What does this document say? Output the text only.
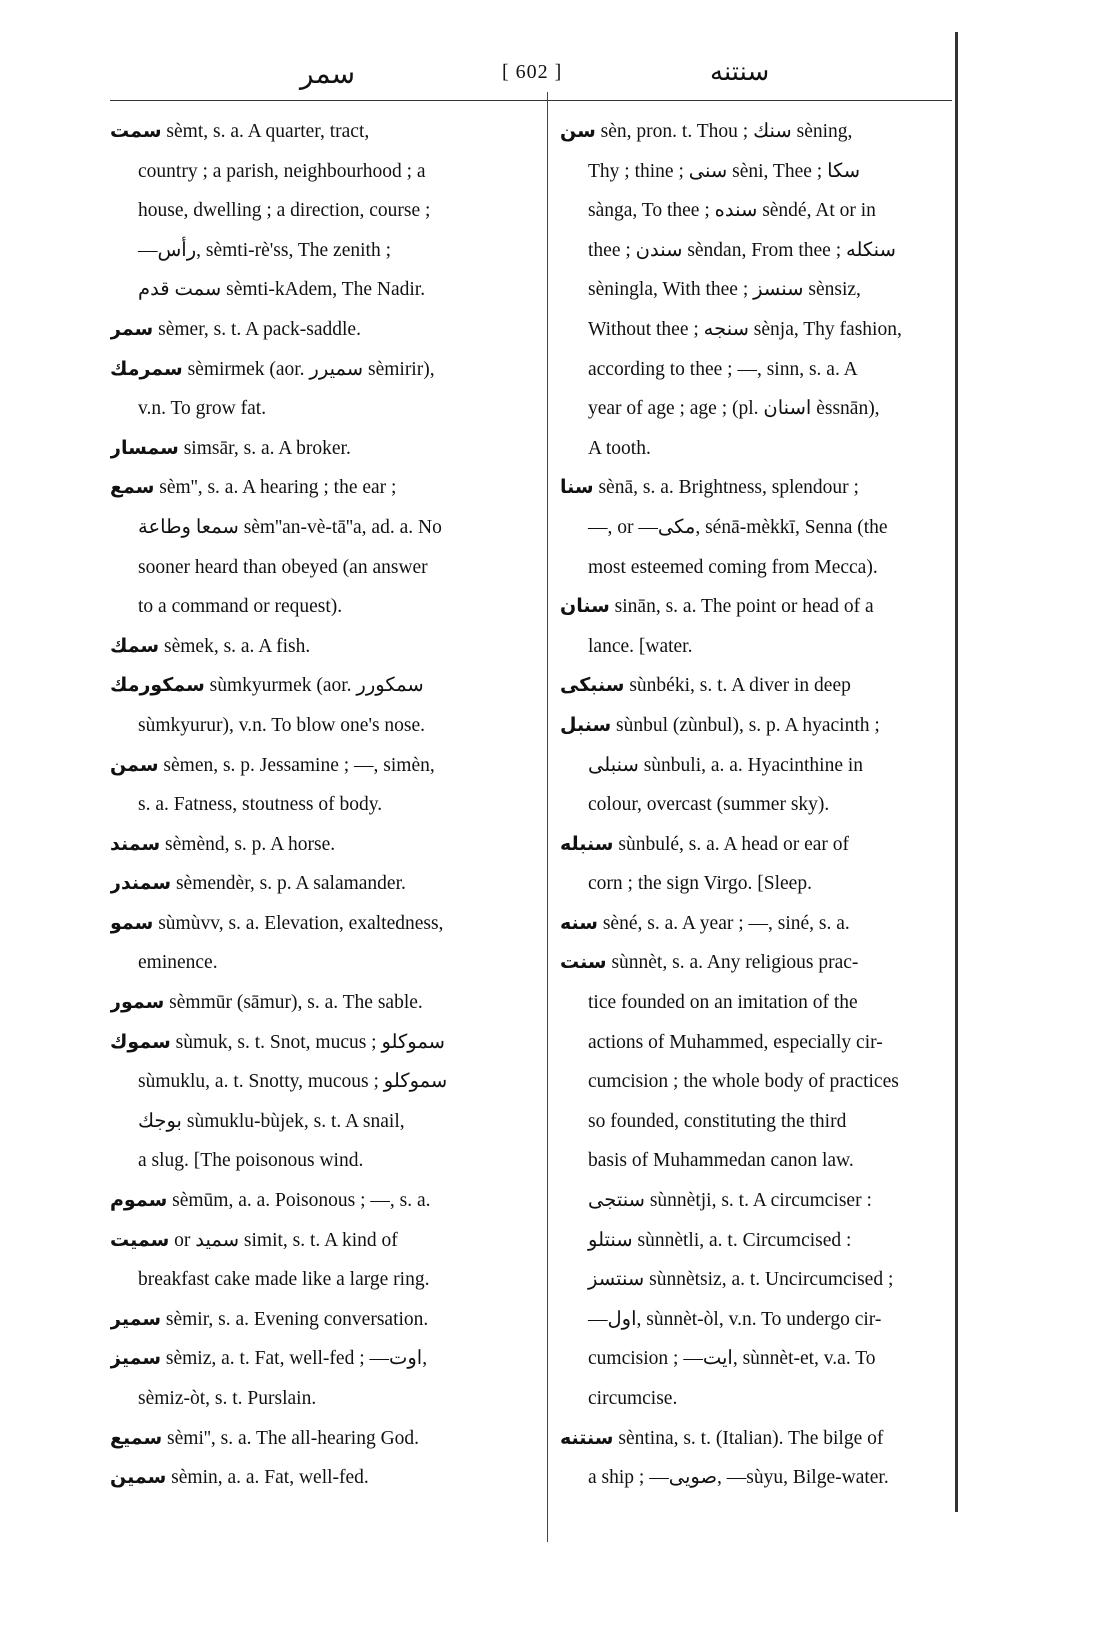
سمر	[ 602 ]	سنتنه
سمت sèmt, s. a. A quarter, tract,
country ; a parish, neighbourhood ; a
house, dwelling ; a direction, course ;
—رأس, sèmti-rè'ss, The zenith ;
سمت قدم sèmti-kAdem, The Nadir.
سمر sèmer, s. t. A pack-saddle.
سمرمك sèmirmek (aor. سميرر sèmirir),
v.n. To grow fat.
سمسار simsār, s. a. A broker.
سمع sèm'', s. a. A hearing ; the ear ;
سمعا وطاعة sèm''an-vè-tā''a, ad. a. No
sooner heard than obeyed (an answer
to a command or request).
سمك sèmek, s. a. A fish.
سمكورمك sùmkyurmek (aor. سمكورر
sùmkyurur), v.n. To blow one's nose.
سمن sèmen, s. p. Jessamine ; —, simèn,
s. a. Fatness, stoutness of body.
سمند sèmènd, s. p. A horse.
سمندر sèmendèr, s. p. A salamander.
سمو sùmùvv, s. a. Elevation, exaltedness,
eminence.
سمور sèmmūr (sāmur), s. a. The sable.
سموك sùmuk, s. t. Snot, mucus ; سموكلو
sùmuklu, a. t. Snotty, mucous ; سموكلو
بوجك sùmuklu-bùjek, s. t. A snail,
a slug. [The poisonous wind.
سموم sèmūm, a. a. Poisonous ; —, s. a.
سميت or سميد simit, s. t. A kind of
breakfast cake made like a large ring.
سمير sèmir, s. a. Evening conversation.
سميز sèmiz, a. t. Fat, well-fed ; —اوت,
sèmiz-òt, s. t. Purslain.
سميع sèmi'', s. a. The all-hearing God.
سمين sèmin, a. a. Fat, well-fed.
سن sèn, pron. t. Thou ; سنك sèning,
Thy ; thine ; سنى sèni, Thee ; سكا
sànga, To thee ; سنده sèndé, At or in
thee ; سندن sèndan, From thee ; سنكله
sèningla, With thee ; سنسز sènsiz,
Without thee ; سنجه sènja, Thy fashion,
according to thee ; —, sinn, s. a. A
year of age ; age ; (pl. اسنان èssnān),
A tooth.
سنا sènā, s. a. Brightness, splendour ;
—, or —مكى, sénā-mèkkī, Senna (the
most esteemed coming from Mecca).
سنان sinān, s. a. The point or head of a
lance. [water.
سنبكى sùnbéki, s. t. A diver in deep
سنبل sùnbul (zùnbul), s. p. A hyacinth ;
سنبلى sùnbuli, a. a. Hyacinthine in
colour, overcast (summer sky).
سنبله sùnbulé, s. a. A head or ear of
corn ; the sign Virgo. [Sleep.
سنه sèné, s. a. A year ; —, siné, s. a.
سنت sùnnèt, s. a. Any religious prac-
tice founded on an imitation of the
actions of Muhammed, especially cir-
cumcision ; the whole body of practices
so founded, constituting the third
basis of Muhammedan canon law.
سنتجى sùnnètji, s. t. A circumciser :
سنتلو sùnnètli, a. t. Circumcised :
سنتسز sùnnètsiz, a. t. Uncircumcised ;
—اول, sùnnèt-òl, v.n. To undergo cir-
cumcision ; —ايت, sùnnèt-et, v.a. To
circumcise.
سنتنه sèntina, s. t. (Italian). The bilge of
a ship ; —صويى, —sùyu, Bilge-water.
